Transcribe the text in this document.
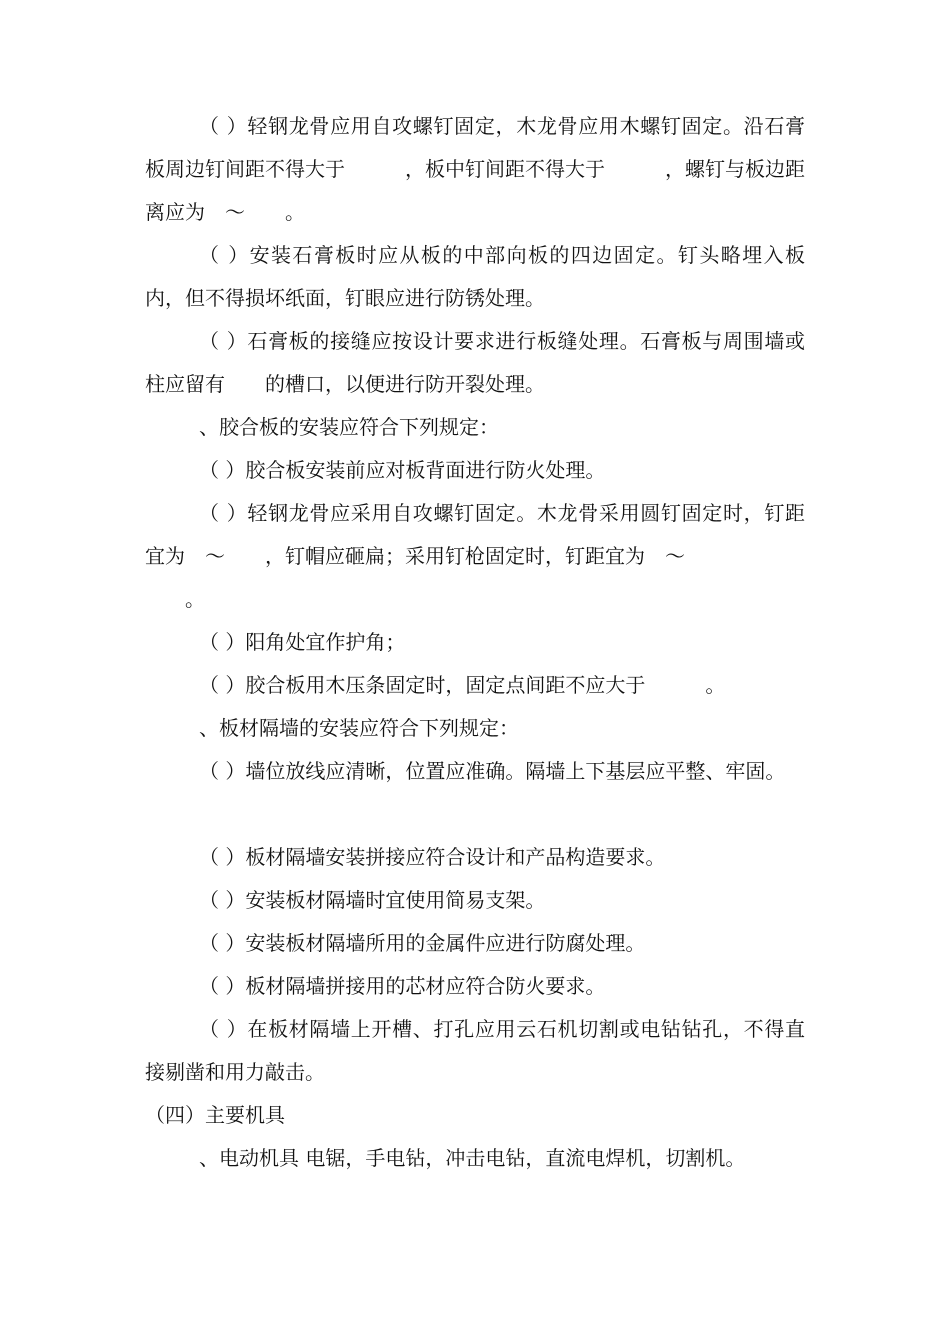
（ ）轻钢龙骨应用自攻螺钉固定，木龙骨应用木螺钉固定。沿石膏板周边钉间距不得大于　　　，板中钉间距不得大于　　　，螺钉与板边距离应为　～　　。

（ ）安装石膏板时应从板的中部向板的四边固定。钉头略埋入板内，但不得损坏纸面，钉眼应进行防锈处理。

（ ）石膏板的接缝应按设计要求进行板缝处理。石膏板与周围墙或柱应留有　　的槽口，以便进行防开裂处理。

、胶合板的安装应符合下列规定：

（ ）胶合板安装前应对板背面进行防火处理。

（ ）轻钢龙骨应采用自攻螺钉固定。木龙骨采用圆钉固定时，钉距宜为　～　　，钉帽应砸扁；采用钉枪固定时，钉距宜为　～
　　。

（ ）阳角处宜作护角；

（ ）胶合板用木压条固定时，固定点间距不应大于　　　。

、板材隔墙的安装应符合下列规定：

（ ）墙位放线应清晰，位置应准确。隔墙上下基层应平整、牢固。

（ ）板材隔墙安装拼接应符合设计和产品构造要求。

（ ）安装板材隔墙时宜使用简易支架。

（ ）安装板材隔墙所用的金属件应进行防腐处理。

（ ）板材隔墙拼接用的芯材应符合防火要求。

（ ）在板材隔墙上开槽、打孔应用云石机切割或电钻钻孔，不得直接剔凿和用力敲击。

（四）主要机具

、电动机具 电锯，手电钻，冲击电钻，直流电焊机，切割机。
